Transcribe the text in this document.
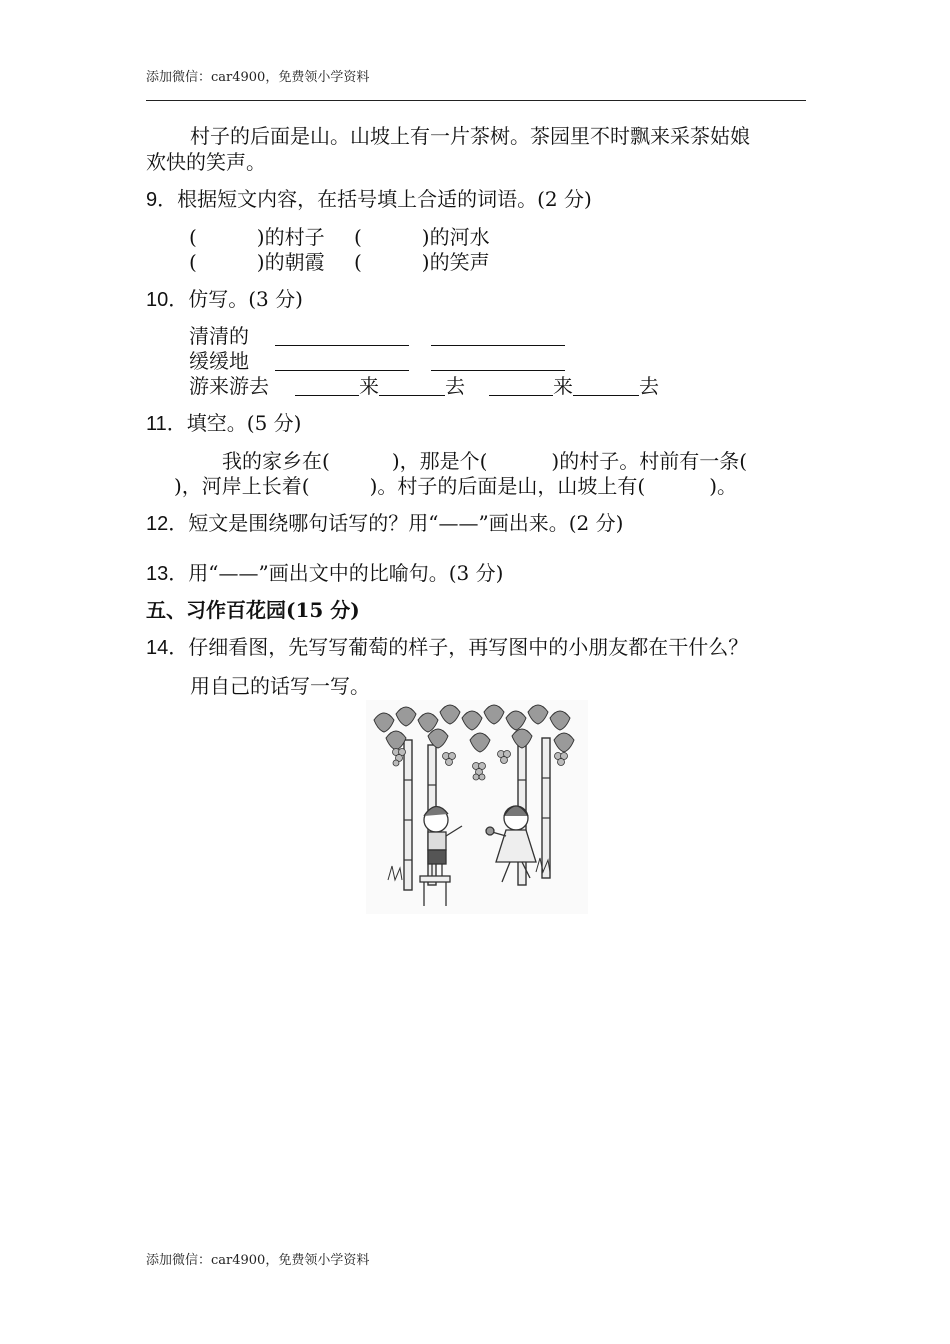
添加微信：car4900，免费领小学资料
村子的后面是山。山坡上有一片茶树。茶园里不时飘来采茶姑娘
欢快的笑声。
9．根据短文内容，在括号填上合适的词语。(2 分)
(　　　)的村子 (　　　)的河水
(　　　)的朝霞 (　　　)的笑声
10．仿写。(3 分)
清清的
缓缓地
游来游去	来	去	来	去
11．填空。(5 分)
我的家乡在(	)，那是个(	)的村子。村前有一条(
)，河岸上长着(	)。村子的后面是山，山坡上有(	)。
12．短文是围绕哪句话写的？用“——”画出来。(2 分)
13．用“——”画出文中的比喻句。(3 分)
五、习作百花园(15 分)
14．仔细看图，先写写葡萄的样子，再写图中的小朋友都在干什么？
用自己的话写一写。
添加微信：car4900，免费领小学资料
